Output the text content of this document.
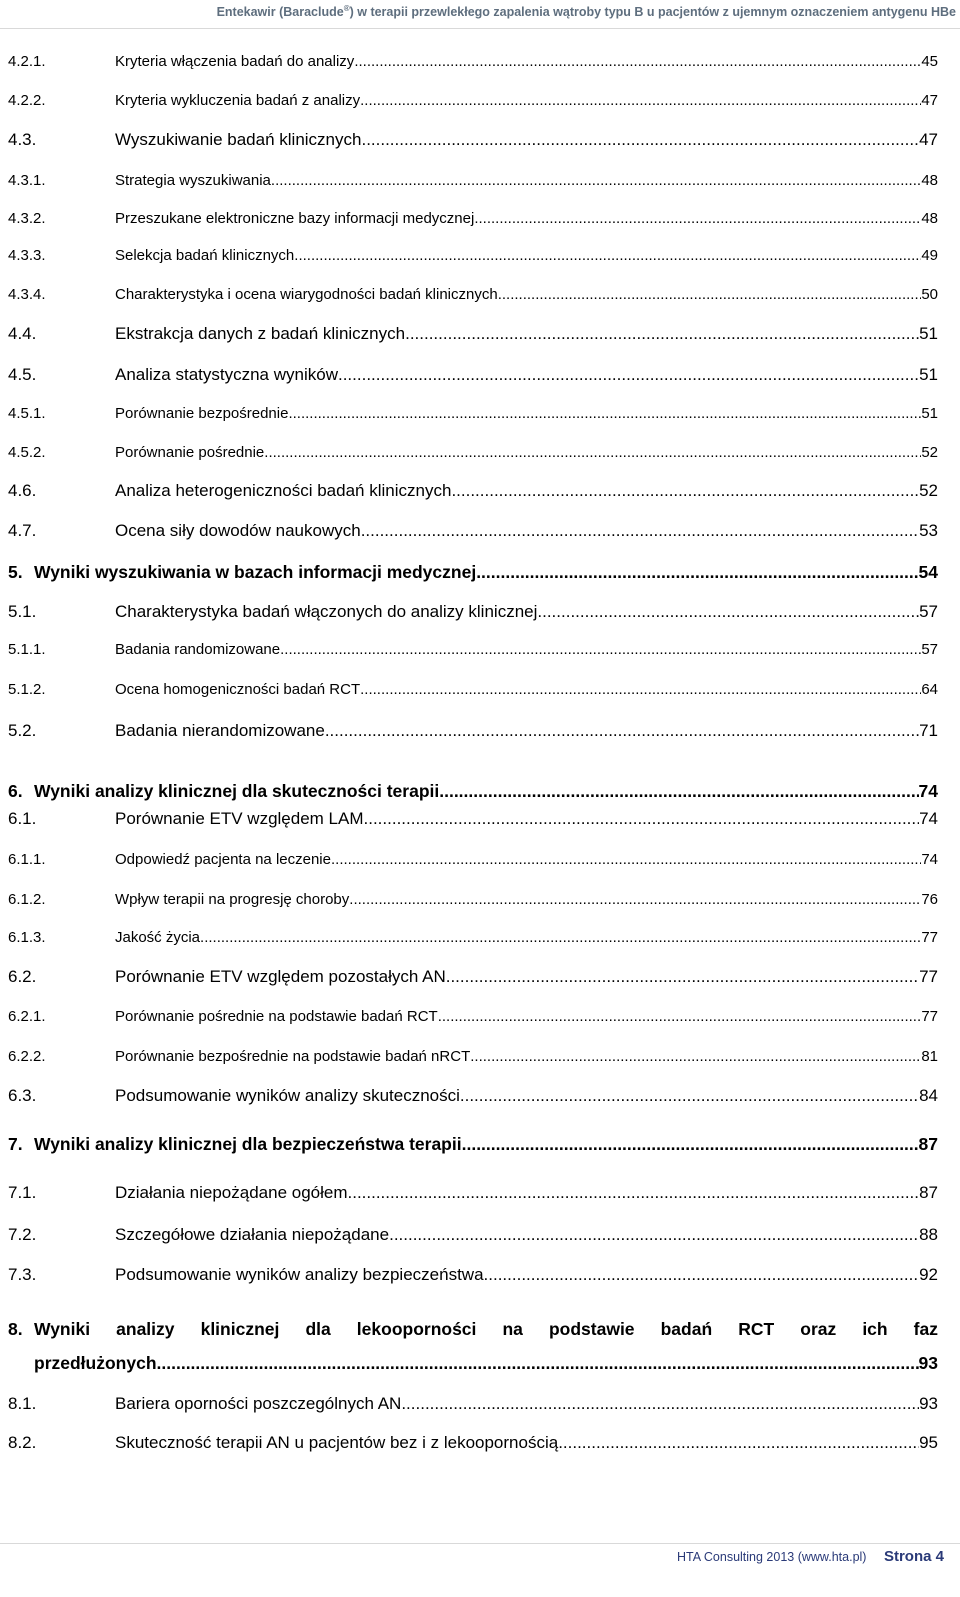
Entekawir (Baraclude®) w terapii przewlekłego zapalenia wątroby typu B u pacjentów z ujemnym oznaczeniem antygenu HBe
4.2.1.	Kryteria włączenia badań do analizy .....	45
4.2.2.	Kryteria wykluczenia badań z analizy .....	47
4.3.	Wyszukiwanie badań klinicznych .....	47
4.3.1.	Strategia wyszukiwania .....	48
4.3.2.	Przeszukane elektroniczne bazy informacji medycznej .....	48
4.3.3.	Selekcja badań klinicznych .....	49
4.3.4.	Charakterystyka i ocena wiarygodności badań klinicznych .....	50
4.4.	Ekstrakcja danych z badań klinicznych .....	51
4.5.	Analiza statystyczna wyników .....	51
4.5.1.	Porównanie bezpośrednie .....	51
4.5.2.	Porównanie pośrednie .....	52
4.6.	Analiza heterogeniczności badań klinicznych .....	52
4.7.	Ocena siły dowodów naukowych .....	53
5. Wyniki wyszukiwania w bazach informacji medycznej .....	54
5.1.	Charakterystyka badań włączonych do analizy klinicznej .....	57
5.1.1.	Badania randomizowane .....	57
5.1.2.	Ocena homogeniczności badań RCT .....	64
5.2.	Badania nierandomizowane .....	71
6. Wyniki analizy klinicznej dla skuteczności terapii .....	74
6.1.	Porównanie ETV względem LAM .....	74
6.1.1.	Odpowiedź pacjenta na leczenie .....	74
6.1.2.	Wpływ terapii na progresję choroby .....	76
6.1.3.	Jakość życia .....	77
6.2.	Porównanie ETV względem pozostałych AN .....	77
6.2.1.	Porównanie pośrednie na podstawie badań RCT .....	77
6.2.2.	Porównanie bezpośrednie na podstawie badań nRCT .....	81
6.3.	Podsumowanie wyników analizy skuteczności .....	84
7. Wyniki analizy klinicznej dla bezpieczeństwa terapii .....	87
7.1.	Działania niepożądane ogółem .....	87
7.2.	Szczegółowe działania niepożądane .....	88
7.3.	Podsumowanie wyników analizy bezpieczeństwa .....	92
8. Wyniki analizy klinicznej dla lekooporności na podstawie badań RCT oraz ich faz
przedłużonych .....	93
8.1.	Bariera oporności poszczególnych AN .....	93
8.2.	Skuteczność terapii AN u pacjentów bez i z lekoopornością .....	95
HTA Consulting 2013 (www.hta.pl) Strona 4
